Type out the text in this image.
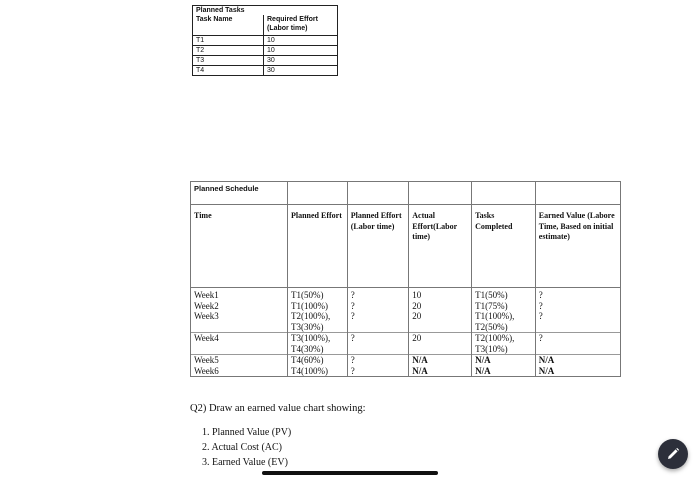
Planned Tasks	
Task Name	Required Effort
(Labor time)
T1	10
T2	10
T3	30
T4	30
Planned Schedule					
Time	Planned Effort	Planned Effort (Labor time)	Actual Effort(Labor time)	Tasks Completed	Earned Value (Labore Time, Based on initial estimate)
Week1	T1(50%)	?	10	T1(50%)	?
Week2	T1(100%)	?	20	T1(75%)	?
Week3	T2(100%), T3(30%)	?	20	T1(100%), T2(50%)	?
Week4	T3(100%), T4(30%)	?	20	T2(100%), T3(10%)	?
Week5	T4(60%)	?	N/A	N/A	N/A
Week6	T4(100%)	?	N/A	N/A	N/A
Q2) Draw an earned value chart showing:
1. Planned Value (PV)
2. Actual Cost (AC)
3. Earned Value (EV)
